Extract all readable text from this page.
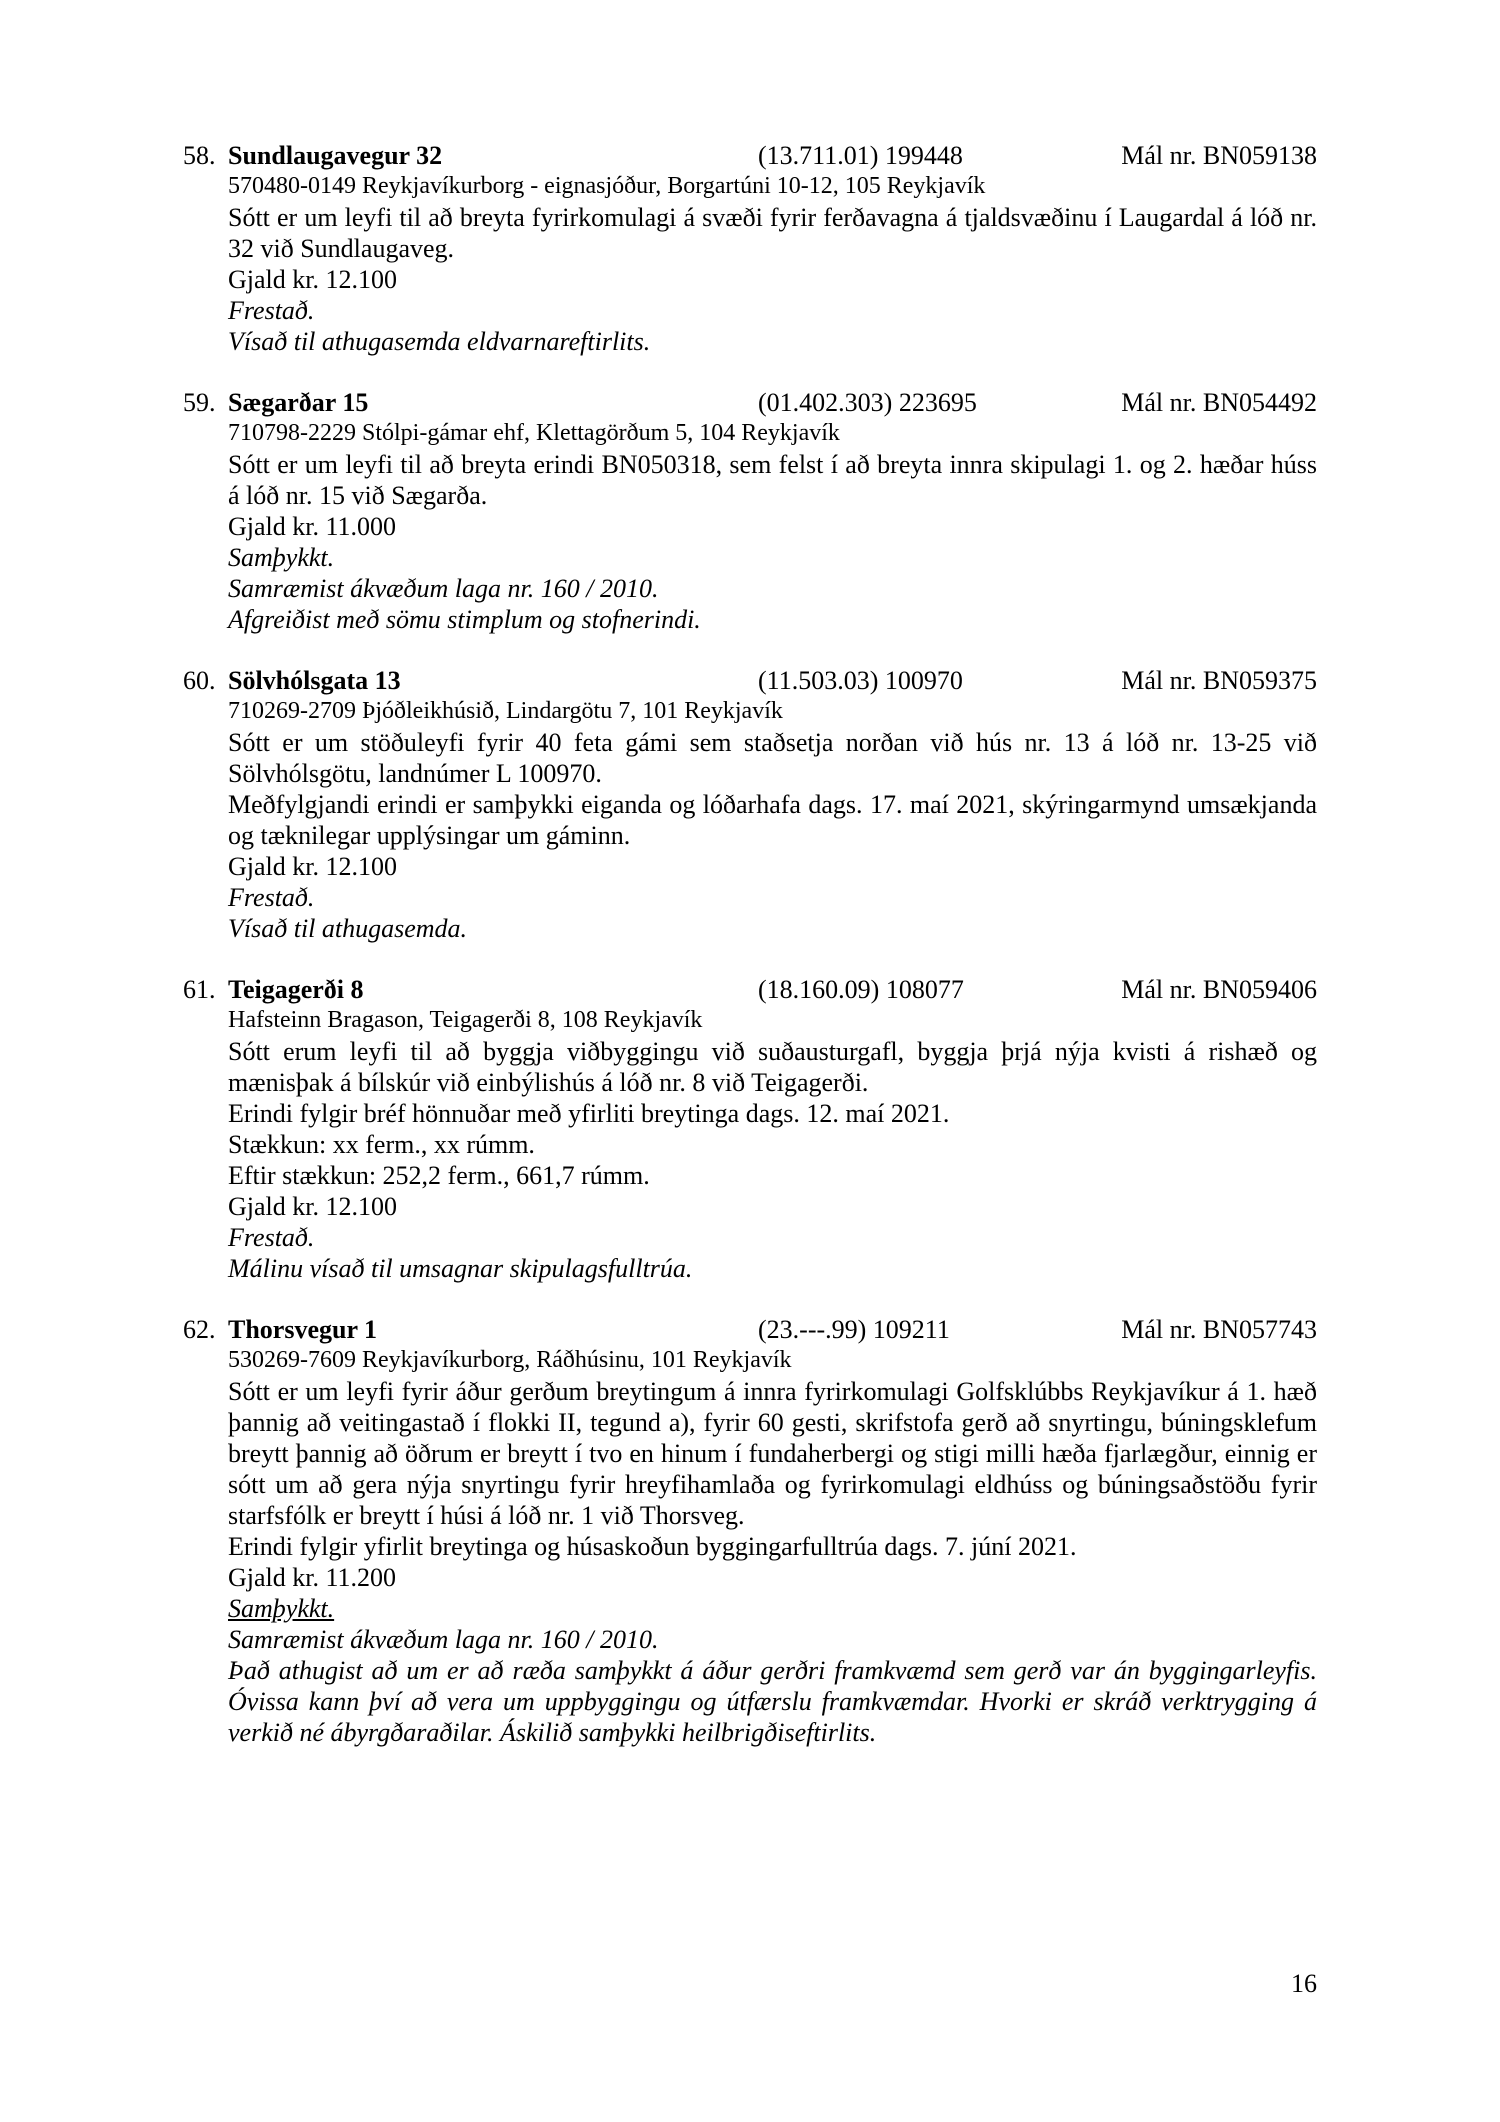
58. Sundlaugavegur 32	(13.711.01) 199448	Mál nr. BN059138
570480-0149 Reykjavíkurborg - eignasjóður, Borgartúni 10-12, 105 Reykjavík
Sótt er um leyfi til að breyta fyrirkomulagi á svæði fyrir ferðavagna á tjaldsvæðinu í Laugardal á lóð nr. 32 við Sundlaugaveg.
Gjald kr. 12.100
Frestað.
Vísað til athugasemda eldvarnareftirlits.
59. Sægarðar 15	(01.402.303) 223695	Mál nr. BN054492
710798-2229 Stólpi-gámar ehf, Klettagörðum 5, 104 Reykjavík
Sótt er um leyfi til að breyta erindi BN050318, sem felst í að breyta innra skipulagi 1. og 2. hæðar húss á lóð nr. 15 við Sægarða.
Gjald kr. 11.000
Samþykkt.
Samræmist ákvæðum laga nr. 160 / 2010.
Afgreiðist með sömu stimplum og stofnerindi.
60. Sölvhólsgata 13	(11.503.03) 100970	Mál nr. BN059375
710269-2709 Þjóðleikhúsið, Lindargötu 7, 101 Reykjavík
Sótt er um stöðuleyfi fyrir 40 feta gámi sem staðsetja norðan við hús nr. 13 á lóð nr. 13-25 við Sölvhólsgötu, landnúmer L 100970.
Meðfylgjandi erindi er samþykki eiganda og lóðarhafa dags. 17. maí 2021, skýringarmynd umsækjanda og tæknilegar upplýsingar um gáminn.
Gjald kr. 12.100
Frestað.
Vísað til athugasemda.
61. Teigagerði 8	(18.160.09) 108077	Mál nr. BN059406
Hafsteinn Bragason, Teigagerði 8, 108 Reykjavík
Sótt erum leyfi til að byggja viðbyggingu við suðausturgafl, byggja þrjá nýja kvisti á rishæð og mænisþak á bílskúr við einbýlishús á lóð nr. 8 við Teigagerði.
Erindi fylgir bréf hönnuðar með yfirliti breytinga dags. 12. maí 2021.
Stækkun: xx ferm., xx rúmm.
Eftir stækkun: 252,2 ferm., 661,7 rúmm.
Gjald kr. 12.100
Frestað.
Málinu vísað til umsagnar skipulagsfulltrúa.
62. Thorsvegur 1	(23.---.99) 109211	Mál nr. BN057743
530269-7609 Reykjavíkurborg, Ráðhúsinu, 101 Reykjavík
Sótt er um leyfi fyrir áður gerðum breytingum á innra fyrirkomulagi Golfsklúbbs Reykjavíkur á 1. hæð þannig að veitingastað í flokki II, tegund a), fyrir 60 gesti, skrifstofa gerð að snyrtingu, búningsklefum breytt þannig að öðrum er breytt í tvo en hinum í fundaherbergi og stigi milli hæða fjarlægður, einnig er sótt um að gera nýja snyrtingu fyrir hreyfihamlaða og fyrirkomulagi eldhúss og búningsaðstöðu fyrir starfsfólk er breytt í húsi á lóð nr. 1 við Thorsveg.
Erindi fylgir yfirlit breytinga og húsaskoðun byggingarfulltrúa dags. 7. júní 2021.
Gjald kr. 11.200
Samþykkt.
Samræmist ákvæðum laga nr. 160 / 2010.
Það athugist að um er að ræða samþykkt á áður gerðri framkvæmd sem gerð var án byggingarleyfis. Óvissa kann því að vera um uppbyggingu og útfærslu framkvæmdar. Hvorki er skráð verktrygging á verkið né ábyrgðaraðilar. Áskilið samþykki heilbrigðiseftirlits.
16
